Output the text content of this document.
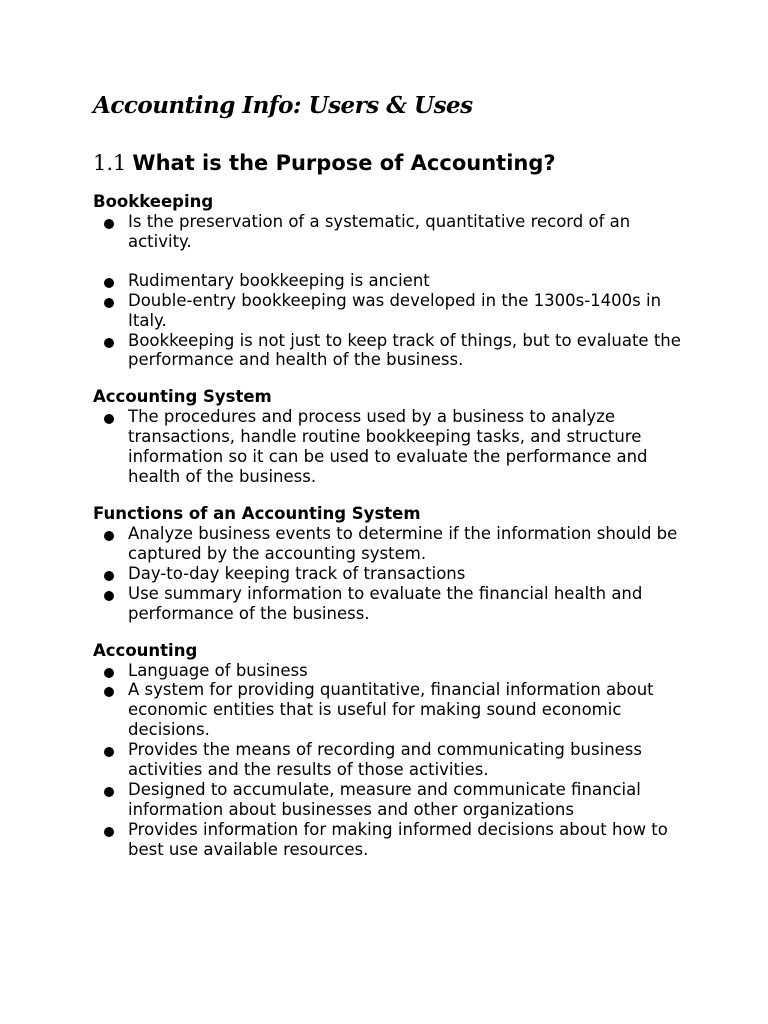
Accounting Info: Users & Uses
1.1 What is the Purpose of Accounting?
Bookkeeping
Is the preservation of a systematic, quantitative record of an activity.
Rudimentary bookkeeping is ancient
Double-entry bookkeeping was developed in the 1300s-1400s in Italy.
Bookkeeping is not just to keep track of things, but to evaluate the performance and health of the business.
Accounting System
The procedures and process used by a business to analyze transactions, handle routine bookkeeping tasks, and structure information so it can be used to evaluate the performance and health of the business.
Functions of an Accounting System
Analyze business events to determine if the information should be captured by the accounting system.
Day-to-day keeping track of transactions
Use summary information to evaluate the financial health and performance of the business.
Accounting
Language of business
A system for providing quantitative, financial information about economic entities that is useful for making sound economic decisions.
Provides the means of recording and communicating business activities and the results of those activities.
Designed to accumulate, measure and communicate financial information about businesses and other organizations
Provides information for making informed decisions about how to best use available resources.
